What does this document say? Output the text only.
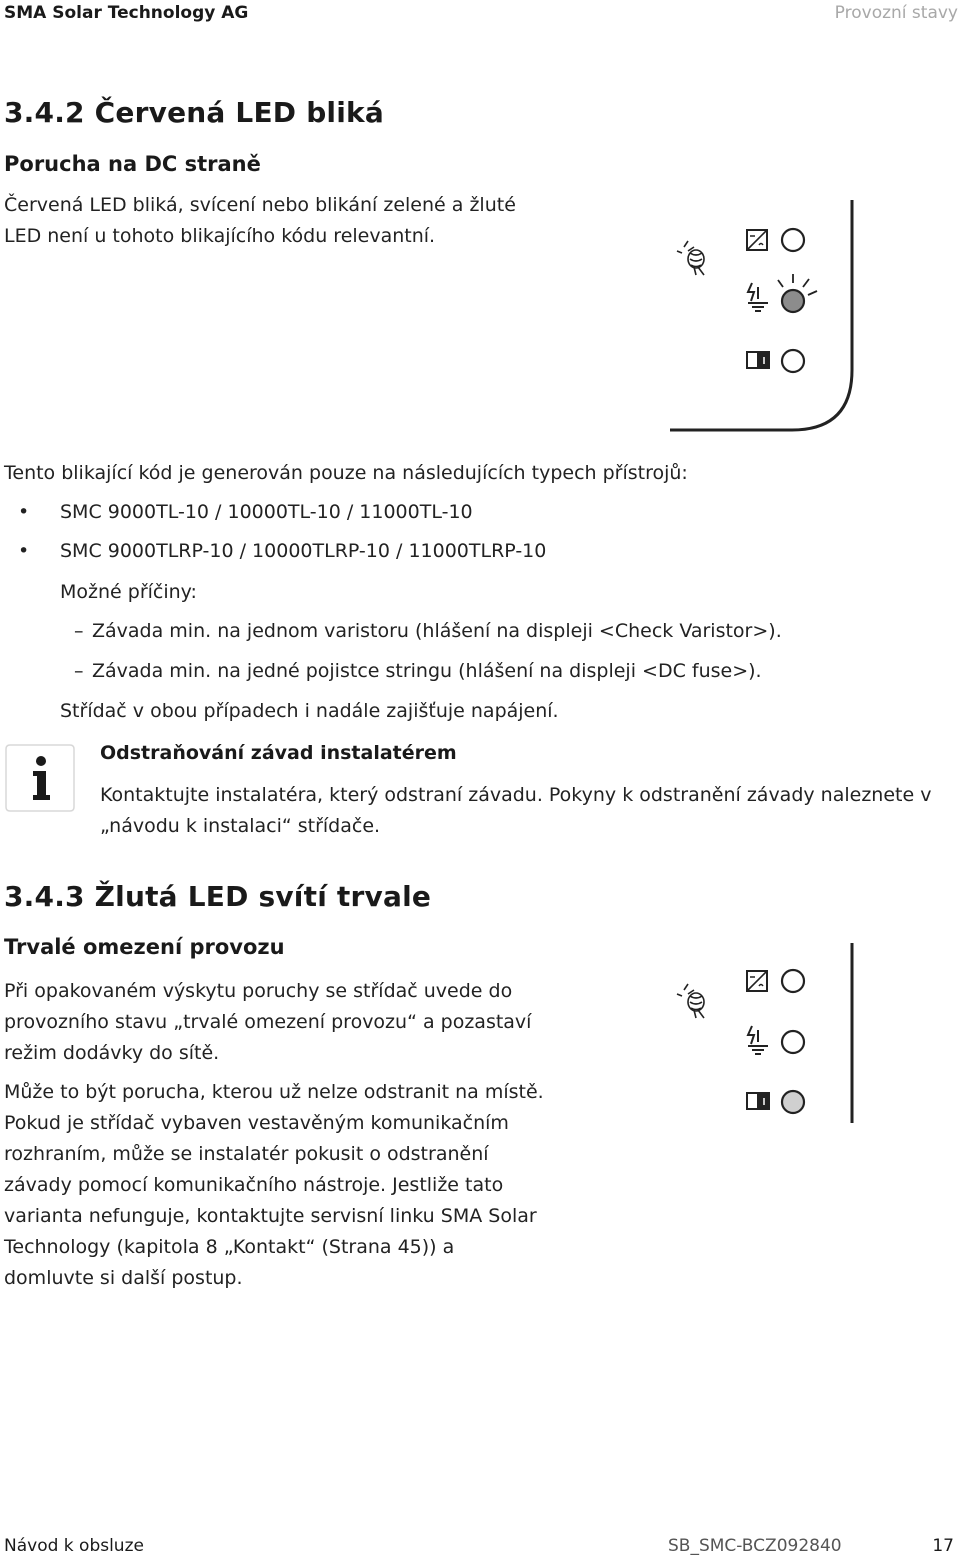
SMA Solar Technology AG	Provozní stavy
3.4.2 Červená LED bliká
Porucha na DC straně
Červená LED bliká, svícení nebo blikání zelené a žluté
LED není u tohoto blikajícího kódu relevantní.
Tento blikající kód je generován pouze na následujících typech přístrojů:
• SMC 9000TL-10 / 10000TL-10 / 11000TL-10
• SMC 9000TLRP-10 / 10000TLRP-10 / 11000TLRP-10
Možné příčiny:
– Závada min. na jednom varistoru (hlášení na displeji <Check Varistor>).
– Závada min. na jedné pojistce stringu (hlášení na displeji <DC fuse>).
Střídač v obou případech i nadále zajišťuje napájení.
Odstraňování závad instalatérem
Kontaktujte instalatéra, který odstraní závadu. Pokyny k odstranění závady naleznete v
„návodu k instalaci“ střídače.
3.4.3 Žlutá LED svítí trvale
Trvalé omezení provozu
Při opakovaném výskytu poruchy se střídač uvede do
provozního stavu „trvalé omezení provozu“ a pozastaví
režim dodávky do sítě.
Může to být porucha, kterou už nelze odstranit na místě.
Pokud je střídač vybaven vestavěným komunikačním
rozhraním, může se instalatér pokusit o odstranění
závady pomocí komunikačního nástroje. Jestliže tato
varianta nefunguje, kontaktujte servisní linku SMA Solar
Technology (kapitola 8 „Kontakt“ (Strana 45)) a
domluvte si další postup.
Návod k obsluze	SB_SMC-BCZ092840	17
